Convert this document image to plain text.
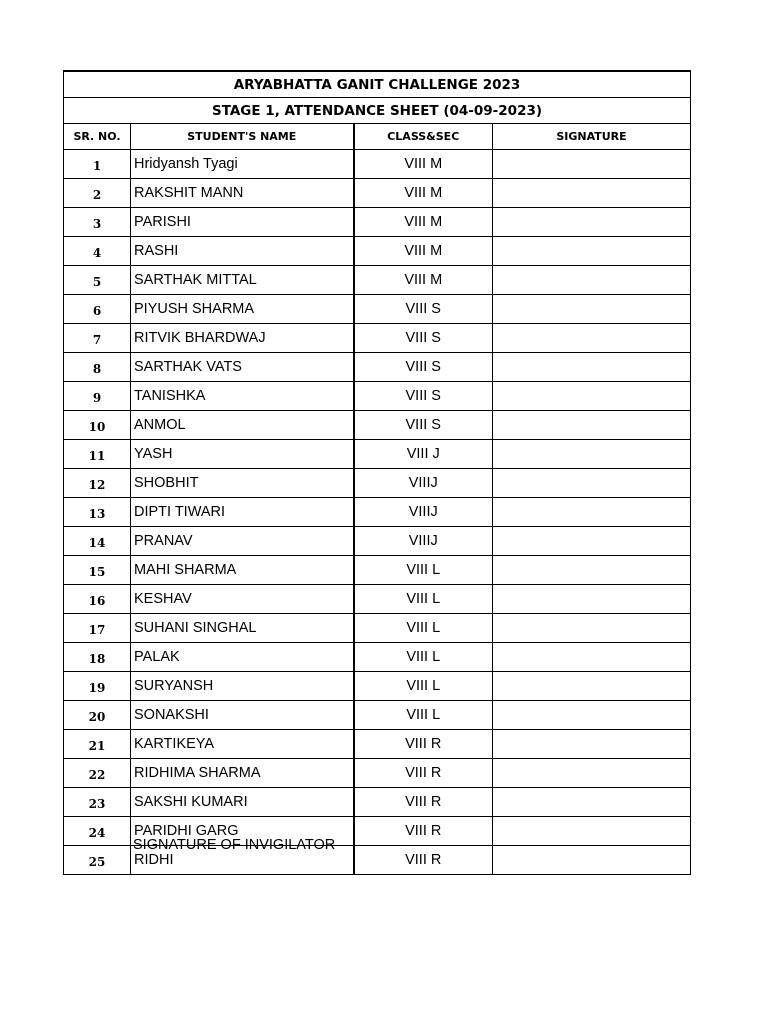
ARYABHATTA GANIT CHALLENGE 2023			
STAGE 1, ATTENDANCE SHEET (04-09-2023)			
SR. NO.	STUDENT'S NAME	CLASS&SEC	SIGNATURE
1	Hridyansh Tyagi	VIII M	
2	RAKSHIT MANN	VIII M	
3	PARISHI	VIII M	
4	RASHI	VIII M	
5	SARTHAK MITTAL	VIII M	
6	PIYUSH SHARMA	VIII S	
7	RITVIK BHARDWAJ	VIII S	
8	SARTHAK VATS	VIII S	
9	TANISHKA	VIII S	
10	ANMOL	VIII S	
11	YASH	VIII J	
12	SHOBHIT	VIIIJ	
13	DIPTI TIWARI	VIIIJ	
14	PRANAV	VIIIJ	
15	MAHI SHARMA	VIII L	
16	KESHAV	VIII L	
17	SUHANI SINGHAL	VIII L	
18	PALAK	VIII L	
19	SURYANSH	VIII L	
20	SONAKSHI	VIII L	
21	KARTIKEYA	VIII R	
22	RIDHIMA SHARMA	VIII R	
23	SAKSHI KUMARI	VIII R	
24	PARIDHI GARG	VIII R	
25	RIDHI	VIII R	
SIGNATURE OF INVIGILATOR
